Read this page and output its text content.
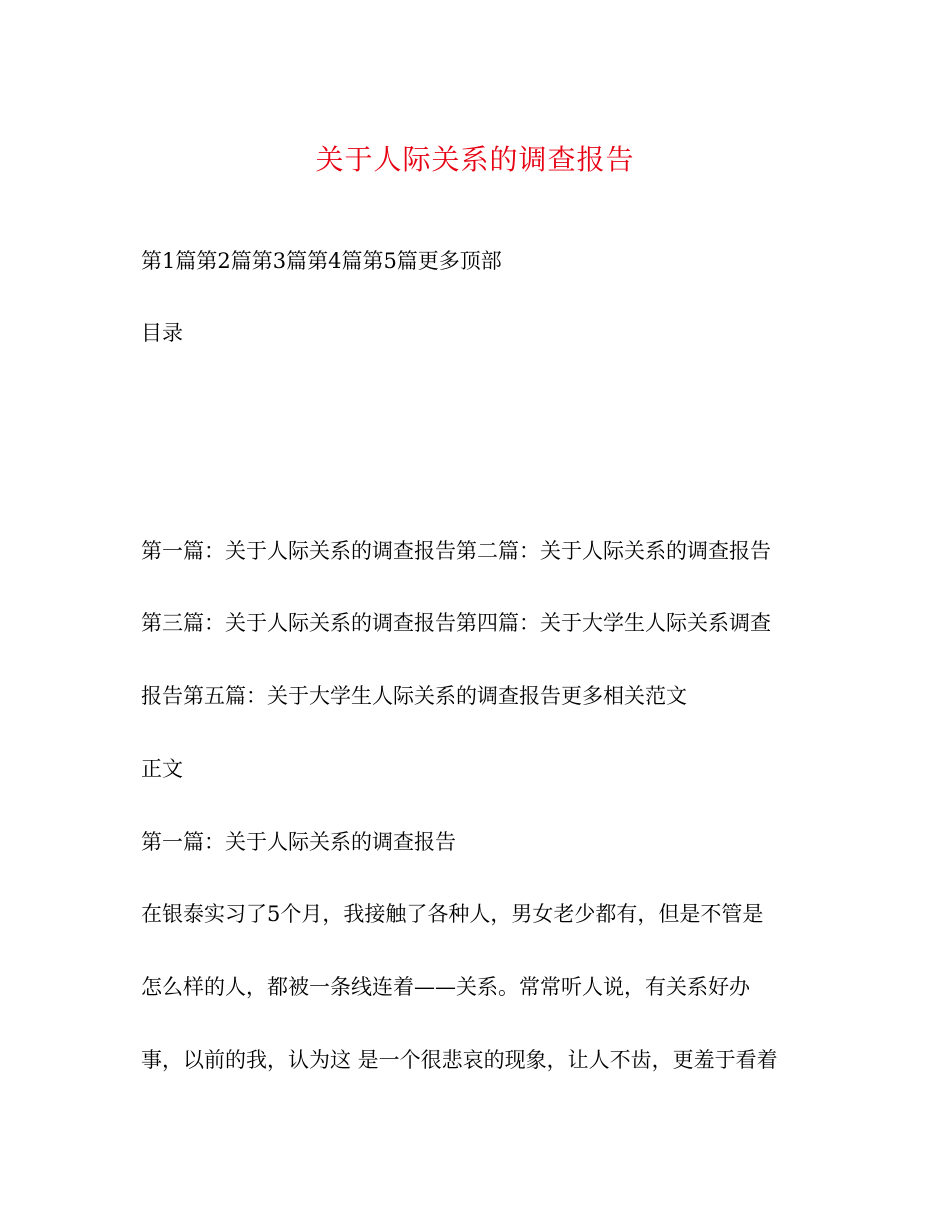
关于人际关系的调查报告
第1篇第2篇第3篇第4篇第5篇更多顶部
目录
第一篇：关于人际关系的调查报告第二篇：关于人际关系的调查报告
第三篇：关于人际关系的调查报告第四篇：关于大学生人际关系调查
报告第五篇：关于大学生人际关系的调查报告更多相关范文
正文
第一篇：关于人际关系的调查报告
在银泰实习了5个月，我接触了各种人，男女老少都有，但是不管是
怎么样的人，都被一条线连着——关系。常常听人说，有关系好办
事，以前的我，认为这 是一个很悲哀的现象，让人不齿，更羞于看着
